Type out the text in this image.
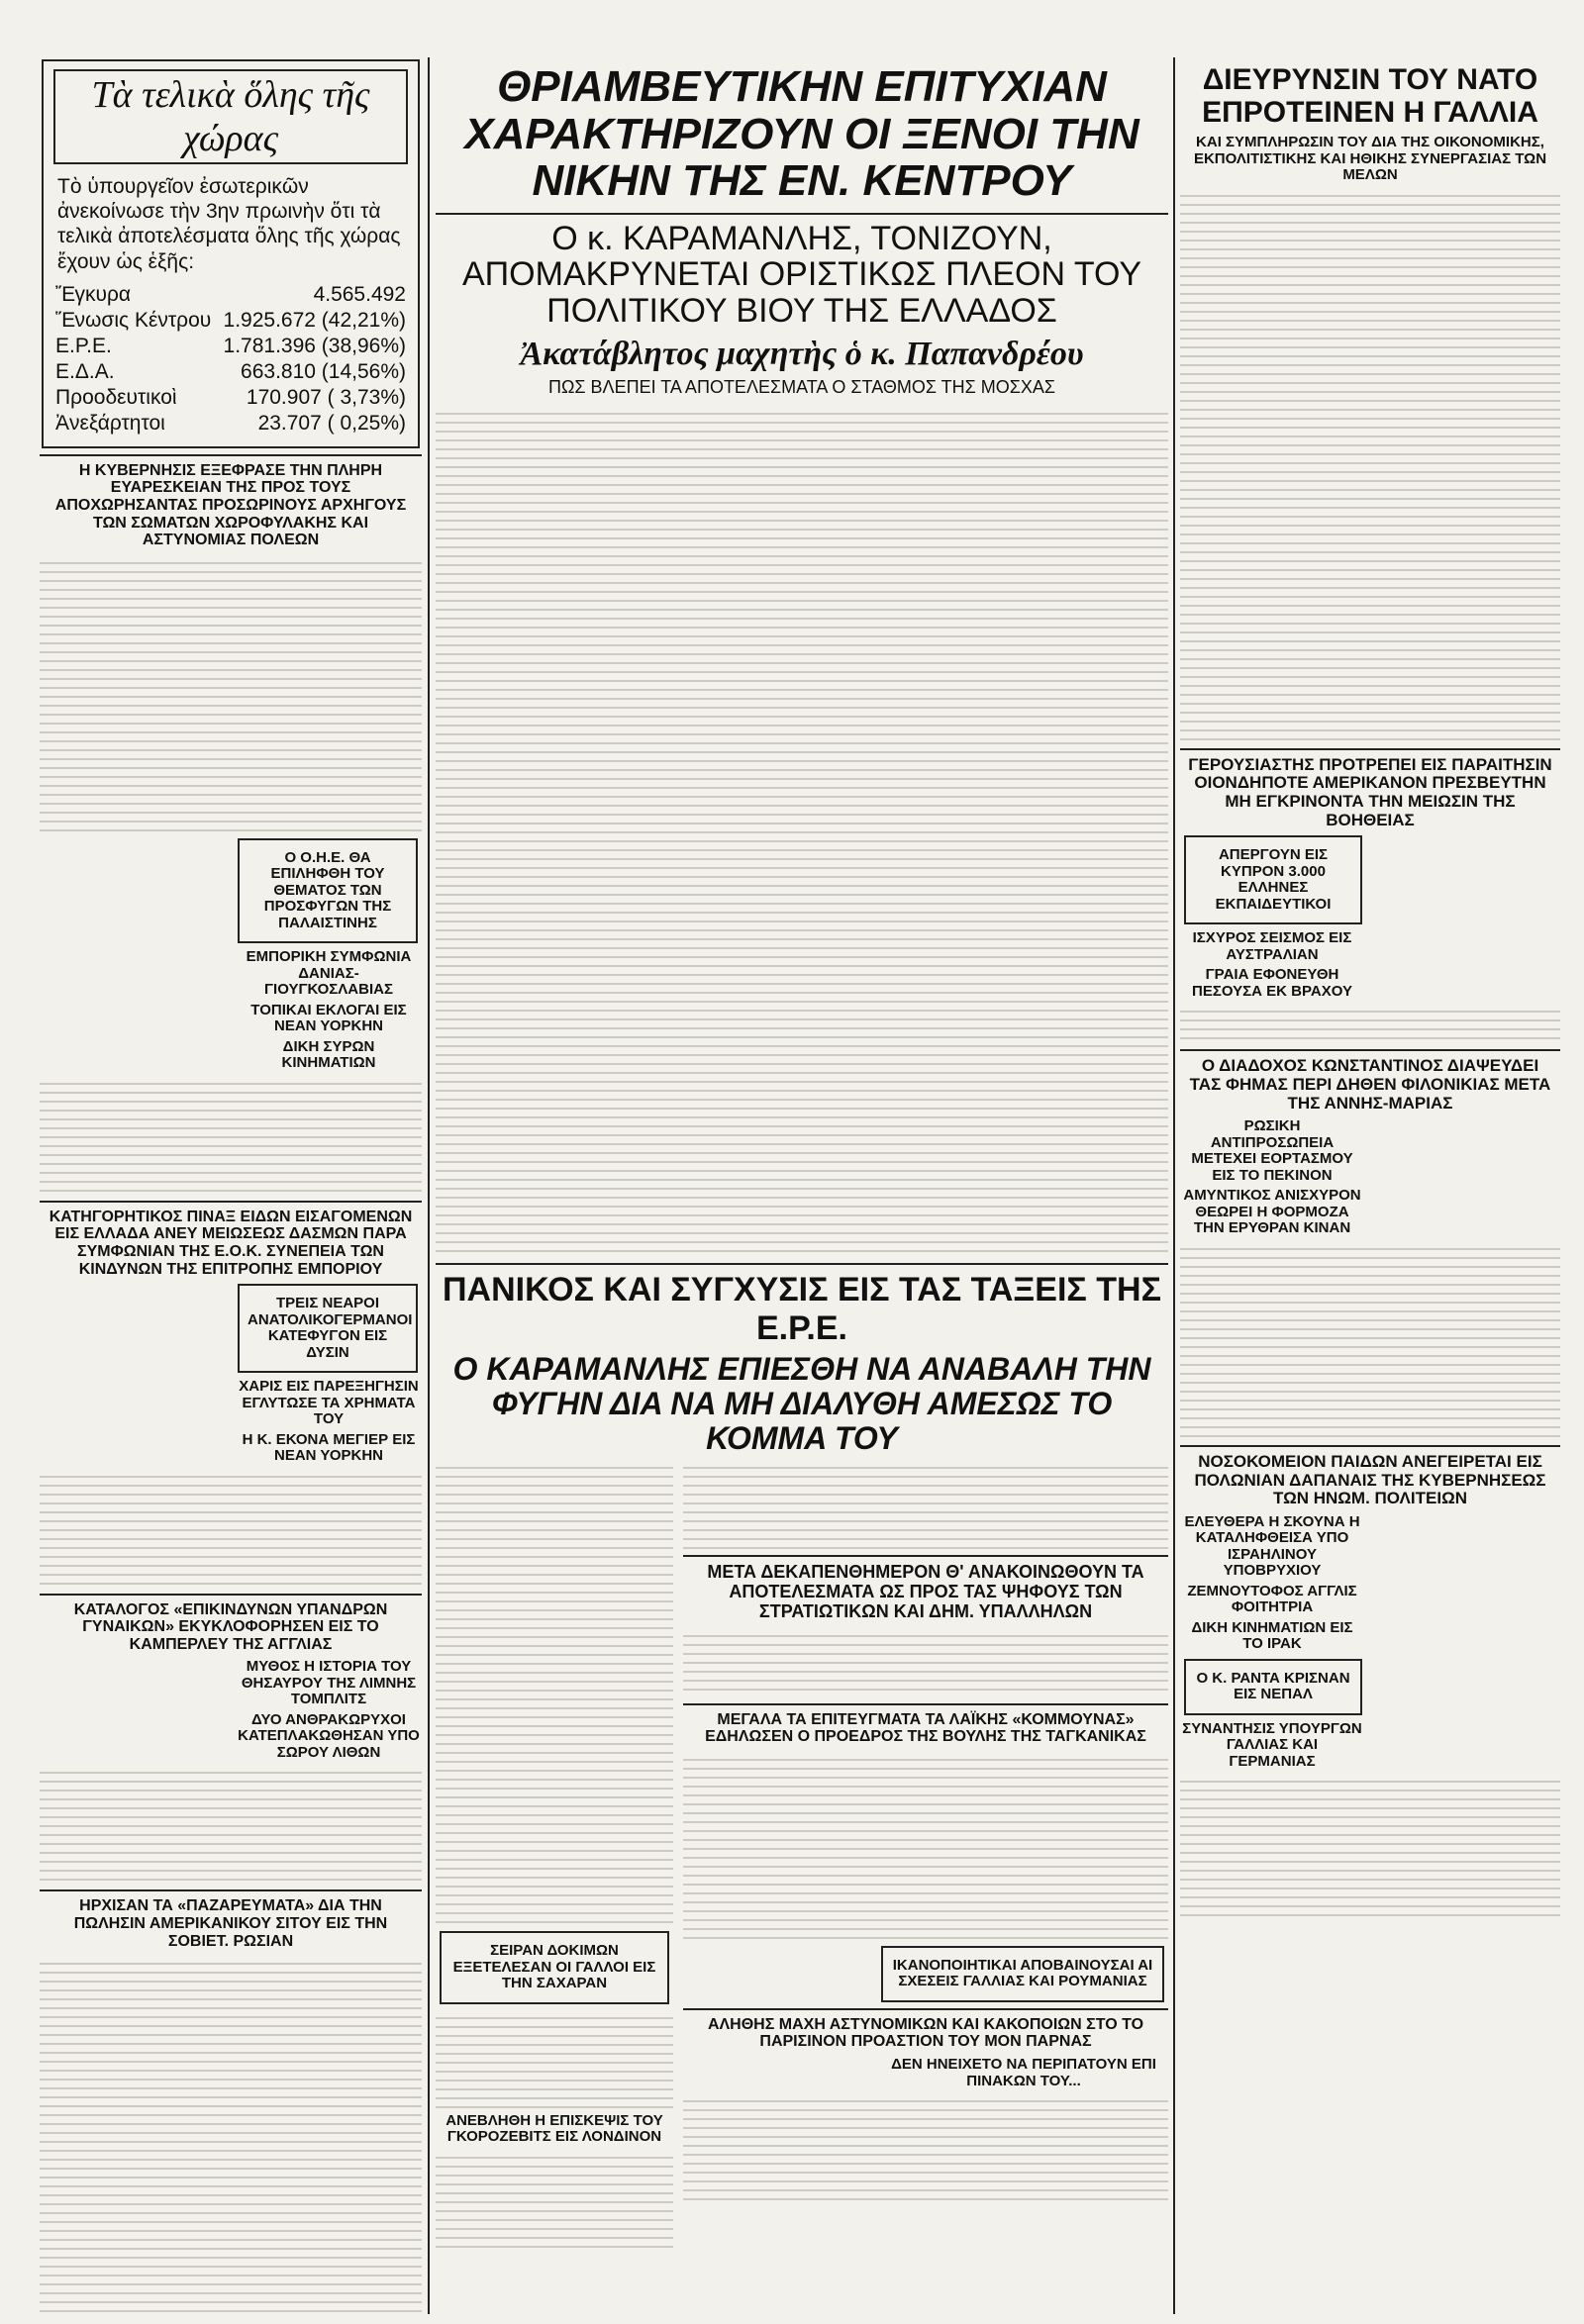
Τὰ τελικὰ ὅλης τῆς χώρας
Τὸ ὑπουργεῖον ἐσωτερικῶν ἀνεκοίνωσε τὴν 3ην πρωινὴν ὅτι τὰ τελικὰ ἀποτελέσματα ὅλης τῆς χώρας ἔχουν ὡς ἑξῆς:
Ἔγκυρα	4.565.492
Ἕνωσις Κέντρου	1.925.672 (42,21%)
Ε.Ρ.Ε.	1.781.396 (38,96%)
Ε.Δ.Α.	663.810 (14,56%)
Προοδευτικοὶ	170.907 ( 3,73%)
Ἀνεξάρτητοι	23.707 ( 0,25%)
Η ΚΥΒΕΡΝΗΣΙΣ ΕΞΕΦΡΑΣΕ ΤΗΝ ΠΛΗΡΗ ΕΥΑΡΕΣΚΕΙΑΝ ΤΗΣ ΠΡΟΣ ΤΟΥΣ ΑΠΟΧΩΡΗΣΑΝΤΑΣ ΠΡΟΣΩΡΙΝΟΥΣ ΑΡΧΗΓΟΥΣ ΤΩΝ ΣΩΜΑΤΩΝ ΧΩΡΟΦΥΛΑΚΗΣ ΚΑΙ ΑΣΤΥΝΟΜΙΑΣ ΠΟΛΕΩΝ
Ο Ο.Η.Ε. ΘΑ ΕΠΙΛΗΦΘΗ ΤΟΥ ΘΕΜΑΤΟΣ ΤΩΝ ΠΡΟΣΦΥΓΩΝ ΤΗΣ ΠΑΛΑΙΣΤΙΝΗΣ
ΕΜΠΟΡΙΚΗ ΣΥΜΦΩΝΙΑ ΔΑΝΙΑΣ-ΓΙΟΥΓΚΟΣΛΑΒΙΑΣ
ΤΟΠΙΚΑΙ ΕΚΛΟΓΑΙ ΕΙΣ ΝΕΑΝ ΥΟΡΚΗΝ
ΔΙΚΗ ΣΥΡΩΝ ΚΙΝΗΜΑΤΙΩΝ
ΚΑΤΗΓΟΡΗΤΙΚΟΣ ΠΙΝΑΞ ΕΙΔΩΝ ΕΙΣΑΓΟΜΕΝΩΝ ΕΙΣ ΕΛΛΑΔΑ ΑΝΕΥ ΜΕΙΩΣΕΩΣ ΔΑΣΜΩΝ ΠΑΡΑ ΣΥΜΦΩΝΙΑΝ ΤΗΣ Ε.Ο.Κ. ΣΥΝΕΠΕΙΑ ΤΩΝ ΚΙΝΔΥΝΩΝ ΤΗΣ ΕΠΙΤΡΟΠΗΣ ΕΜΠΟΡΙΟΥ
ΤΡΕΙΣ ΝΕΑΡΟΙ ΑΝΑΤΟΛΙΚΟΓΕΡΜΑΝΟΙ ΚΑΤΕΦΥΓΟΝ ΕΙΣ ΔΥΣΙΝ
ΧΑΡΙΣ ΕΙΣ ΠΑΡΕΞΗΓΗΣΙΝ ΕΓΛΥΤΩΣΕ ΤΑ ΧΡΗΜΑΤΑ ΤΟΥ
Η Κ. ΕΚΟΝΑ ΜΕΓΙΕΡ ΕΙΣ ΝΕΑΝ ΥΟΡΚΗΝ
ΚΑΤΑΛΟΓΟΣ «ΕΠΙΚΙΝΔΥΝΩΝ ΥΠΑΝΔΡΩΝ ΓΥΝΑΙΚΩΝ» ΕΚΥΚΛΟΦΟΡΗΣΕΝ ΕΙΣ ΤΟ ΚΑΜΠΕΡΛΕΥ ΤΗΣ ΑΓΓΛΙΑΣ
ΜΥΘΟΣ Η ΙΣΤΟΡΙΑ ΤΟΥ ΘΗΣΑΥΡΟΥ ΤΗΣ ΛΙΜΝΗΣ ΤΟΜΠΛΙΤΣ
ΔΥΟ ΑΝΘΡΑΚΩΡΥΧΟΙ ΚΑΤΕΠΛΑΚΩΘΗΣΑΝ ΥΠΟ ΣΩΡΟΥ ΛΙΘΩΝ
ΗΡΧΙΣΑΝ ΤΑ «ΠΑΖΑΡΕΥΜΑΤΑ» ΔΙΑ ΤΗΝ ΠΩΛΗΣΙΝ ΑΜΕΡΙΚΑΝΙΚΟΥ ΣΙΤΟΥ ΕΙΣ ΤΗΝ ΣΟΒΙΕΤ. ΡΩΣΙΑΝ
ΘΡΙΑΜΒΕΥΤΙΚΗΝ ΕΠΙΤΥΧΙΑΝ ΧΑΡΑΚΤΗΡΙΖΟΥΝ ΟΙ ΞΕΝΟΙ ΤΗΝ ΝΙΚΗΝ ΤΗΣ ΕΝ. ΚΕΝΤΡΟΥ
Ο κ. ΚΑΡΑΜΑΝΛΗΣ, ΤΟΝΙΖΟΥΝ, ΑΠΟΜΑΚΡΥΝΕΤΑΙ ΟΡΙΣΤΙΚΩΣ ΠΛΕΟΝ ΤΟΥ ΠΟΛΙΤΙΚΟΥ ΒΙΟΥ ΤΗΣ ΕΛΛΑΔΟΣ
Ἀκατάβλητος μαχητὴς ὁ κ. Παπανδρέου
ΠΩΣ ΒΛΕΠΕΙ ΤΑ ΑΠΟΤΕΛΕΣΜΑΤΑ Ο ΣΤΑΘΜΟΣ ΤΗΣ ΜΟΣΧΑΣ
ΠΑΝΙΚΟΣ ΚΑΙ ΣΥΓΧΥΣΙΣ ΕΙΣ ΤΑΣ ΤΑΞΕΙΣ ΤΗΣ Ε.Ρ.Ε.
Ο ΚΑΡΑΜΑΝΛΗΣ ΕΠΙΕΣΘΗ ΝΑ ΑΝΑΒΑΛΗ ΤΗΝ ΦΥΓΗΝ ΔΙΑ ΝΑ ΜΗ ΔΙΑΛΥΘΗ ΑΜΕΣΩΣ ΤΟ ΚΟΜΜΑ ΤΟΥ
ΣΕΙΡΑΝ ΔΟΚΙΜΩΝ ΕΞΕΤΕΛΕΣΑΝ ΟΙ ΓΑΛΛΟΙ ΕΙΣ ΤΗΝ ΣΑΧΑΡΑΝ
ΑΝΕΒΛΗΘΗ Η ΕΠΙΣΚΕΨΙΣ ΤΟΥ ΓΚΟΡΟΖΕΒΙΤΣ ΕΙΣ ΛΟΝΔΙΝΟΝ
ΜΕΤΑ ΔΕΚΑΠΕΝΘΗΜΕΡΟΝ Θ' ΑΝΑΚΟΙΝΩΘΟΥΝ ΤΑ ΑΠΟΤΕΛΕΣΜΑΤΑ ΩΣ ΠΡΟΣ ΤΑΣ ΨΗΦΟΥΣ ΤΩΝ ΣΤΡΑΤΙΩΤΙΚΩΝ ΚΑΙ ΔΗΜ. ΥΠΑΛΛΗΛΩΝ
ΜΕΓΑΛΑ ΤΑ ΕΠΙΤΕΥΓΜΑΤΑ ΤΑ ΛΑΪΚΗΣ «ΚΟΜΜΟΥΝΑΣ» ΕΔΗΛΩΣΕΝ Ο ΠΡΟΕΔΡΟΣ ΤΗΣ ΒΟΥΛΗΣ ΤΗΣ ΤΑΓΚΑΝΙΚΑΣ
ΙΚΑΝΟΠΟΙΗΤΙΚΑΙ ΑΠΟΒΑΙΝΟΥΣΑΙ ΑΙ ΣΧΕΣΕΙΣ ΓΑΛΛΙΑΣ ΚΑΙ ΡΟΥΜΑΝΙΑΣ
ΑΛΗΘΗΣ ΜΑΧΗ ΑΣΤΥΝΟΜΙΚΩΝ ΚΑΙ ΚΑΚΟΠΟΙΩΝ ΣΤΟ ΤΟ ΠΑΡΙΣΙΝΟΝ ΠΡΟΑΣΤΙΟΝ ΤΟΥ ΜΟΝ ΠΑΡΝΑΣ
ΔΕΝ ΗΝΕΙΧΕΤΟ ΝΑ ΠΕΡΙΠΑΤΟΥΝ ΕΠΙ ΠΙΝΑΚΩΝ ΤΟΥ...
ΔΙΕΥΡΥΝΣΙΝ ΤΟΥ ΝΑΤΟ ΕΠΡΟΤΕΙΝΕΝ Η ΓΑΛΛΙΑ
ΚΑΙ ΣΥΜΠΛΗΡΩΣΙΝ ΤΟΥ ΔΙΑ ΤΗΣ ΟΙΚΟΝΟΜΙΚΗΣ, ΕΚΠΟΛΙΤΙΣΤΙΚΗΣ ΚΑΙ ΗΘΙΚΗΣ ΣΥΝΕΡΓΑΣΙΑΣ ΤΩΝ ΜΕΛΩΝ
ΓΕΡΟΥΣΙΑΣΤΗΣ ΠΡΟΤΡΕΠΕΙ ΕΙΣ ΠΑΡΑΙΤΗΣΙΝ ΟΙΟΝΔΗΠΟΤΕ ΑΜΕΡΙΚΑΝΟΝ ΠΡΕΣΒΕΥΤΗΝ ΜΗ ΕΓΚΡΙΝΟΝΤΑ ΤΗΝ ΜΕΙΩΣΙΝ ΤΗΣ ΒΟΗΘΕΙΑΣ
ΑΠΕΡΓΟΥΝ ΕΙΣ ΚΥΠΡΟΝ 3.000 ΕΛΛΗΝΕΣ ΕΚΠΑΙΔΕΥΤΙΚΟΙ
ΙΣΧΥΡΟΣ ΣΕΙΣΜΟΣ ΕΙΣ ΑΥΣΤΡΑΛΙΑΝ
ΓΡΑΙΑ ΕΦΟΝΕΥΘΗ ΠΕΣΟΥΣΑ ΕΚ ΒΡΑΧΟΥ
Ο ΔΙΑΔΟΧΟΣ ΚΩΝΣΤΑΝΤΙΝΟΣ ΔΙΑΨΕΥΔΕΙ ΤΑΣ ΦΗΜΑΣ ΠΕΡΙ ΔΗΘΕΝ ΦΙΛΟΝΙΚΙΑΣ ΜΕΤΑ ΤΗΣ ΑΝΝΗΣ-ΜΑΡΙΑΣ
ΡΩΣΙΚΗ ΑΝΤΙΠΡΟΣΩΠΕΙΑ ΜΕΤΕΧΕΙ ΕΟΡΤΑΣΜΟΥ ΕΙΣ ΤΟ ΠΕΚΙΝΟΝ
ΑΜΥΝΤΙΚΟΣ ΑΝΙΣΧΥΡΟΝ ΘΕΩΡΕΙ Η ΦΟΡΜΟΖΑ ΤΗΝ ΕΡΥΘΡΑΝ ΚΙΝΑΝ
ΝΟΣΟΚΟΜΕΙΟΝ ΠΑΙΔΩΝ ΑΝΕΓΕΙΡΕΤΑΙ ΕΙΣ ΠΟΛΩΝΙΑΝ ΔΑΠΑΝΑΙΣ ΤΗΣ ΚΥΒΕΡΝΗΣΕΩΣ ΤΩΝ ΗΝΩΜ. ΠΟΛΙΤΕΙΩΝ
ΕΛΕΥΘΕΡΑ Η ΣΚΟΥΝΑ Η ΚΑΤΑΛΗΦΘΕΙΣΑ ΥΠΟ ΙΣΡΑΗΛΙΝΟΥ ΥΠΟΒΡΥΧΙΟΥ
ΖΕΜΝΟΥΤΟΦΟΣ ΑΓΓΛΙΣ ΦΟΙΤΗΤΡΙΑ
ΔΙΚΗ ΚΙΝΗΜΑΤΙΩΝ ΕΙΣ ΤΟ ΙΡΑΚ
Ο Κ. ΡΑΝΤΑ ΚΡΙΣΝΑΝ ΕΙΣ ΝΕΠΑΛ
ΣΥΝΑΝΤΗΣΙΣ ΥΠΟΥΡΓΩΝ ΓΑΛΛΙΑΣ ΚΑΙ ΓΕΡΜΑΝΙΑΣ
